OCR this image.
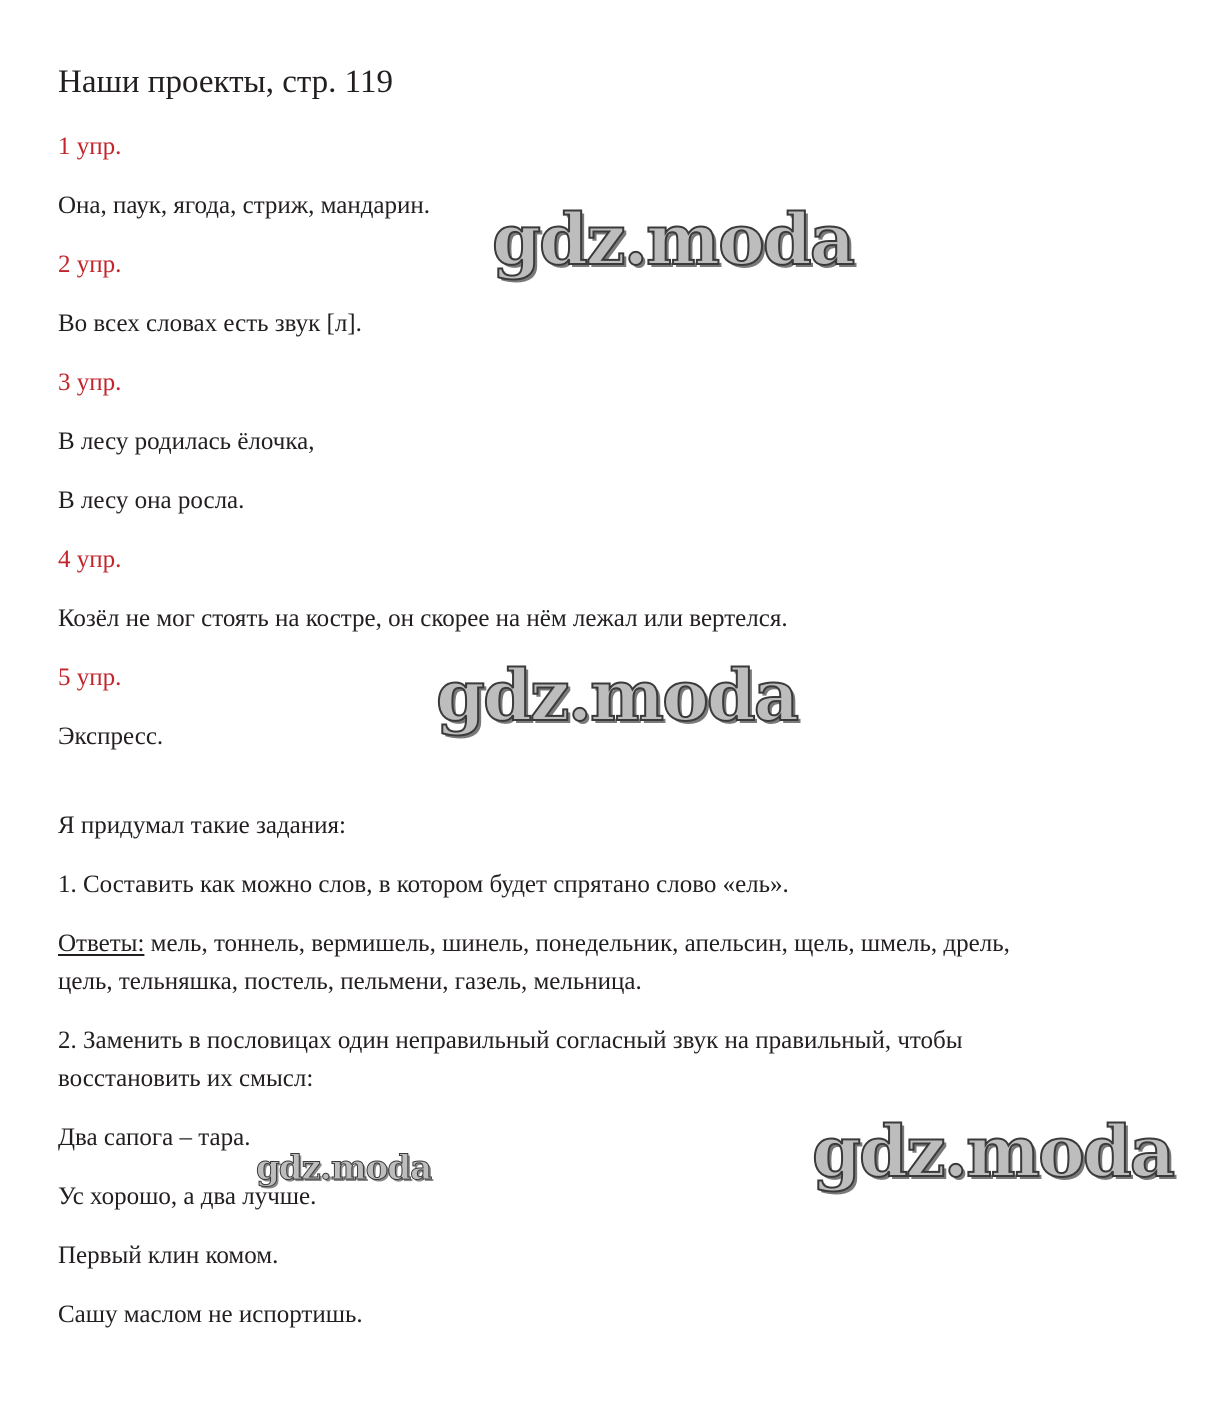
Наши проекты, стр. 119
1 упр.
Она, паук, ягода, стриж, мандарин.
2 упр.
Во всех словах есть звук [л].
3 упр.
В лесу родилась ёлочка,
В лесу она росла.
4 упр.
Козёл не мог стоять на костре, он скорее на нём лежал или вертелся.
5 упр.
Экспресс.
Я придумал такие задания:
1. Составить как можно слов, в котором будет спрятано слово «ель».
Ответы: мель, тоннель, вермишель, шинель, понедельник, апельсин, щель, шмель, дрель,
цель, тельняшка, постель, пельмени, газель, мельница.
2. Заменить в пословицах один неправильный согласный звук на правильный, чтобы
восстановить их смысл:
Два сапога – тара.
Ус хорошо, а два лучше.
Первый клин комом.
Сашу маслом не испортишь.
gdz.moda
gdz.moda
gdz.moda
gdz.moda
